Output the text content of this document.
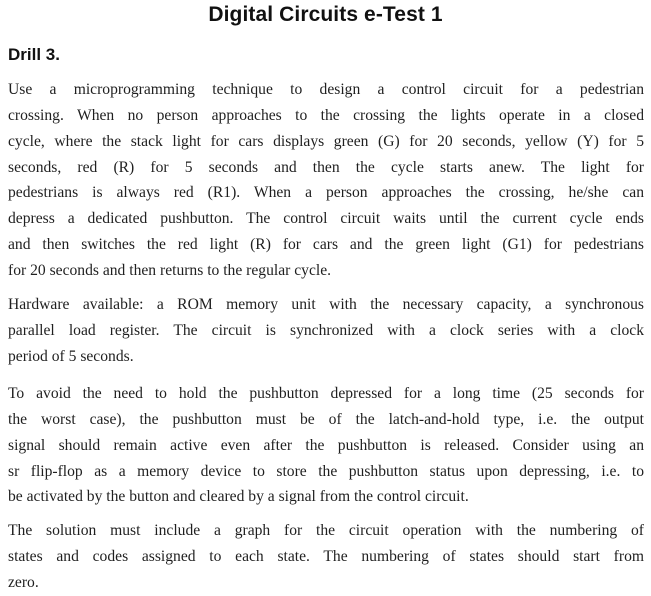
Digital Circuits e-Test 1
Drill 3.
Use a microprogramming technique to design a control circuit for a pedestrian
crossing. When no person approaches to the crossing the lights operate in a closed
cycle, where the stack light for cars displays green (G) for 20 seconds, yellow (Y) for 5
seconds, red (R) for 5 seconds and then the cycle starts anew. The light for
pedestrians is always red (R1). When a person approaches the crossing, he/she can
depress a dedicated pushbutton. The control circuit waits until the current cycle ends
and then switches the red light (R) for cars and the green light (G1) for pedestrians
for 20 seconds and then returns to the regular cycle.
Hardware available: a ROM memory unit with the necessary capacity, a synchronous
parallel load register. The circuit is synchronized with a clock series with a clock
period of 5 seconds.
To avoid the need to hold the pushbutton depressed for a long time (25 seconds for
the worst case), the pushbutton must be of the latch-and-hold type, i.e. the output
signal should remain active even after the pushbutton is released. Consider using an
sr flip-flop as a memory device to store the pushbutton status upon depressing, i.e. to
be activated by the button and cleared by a signal from the control circuit.
The solution must include a graph for the circuit operation with the numbering of
states and codes assigned to each state. The numbering of states should start from
zero.
